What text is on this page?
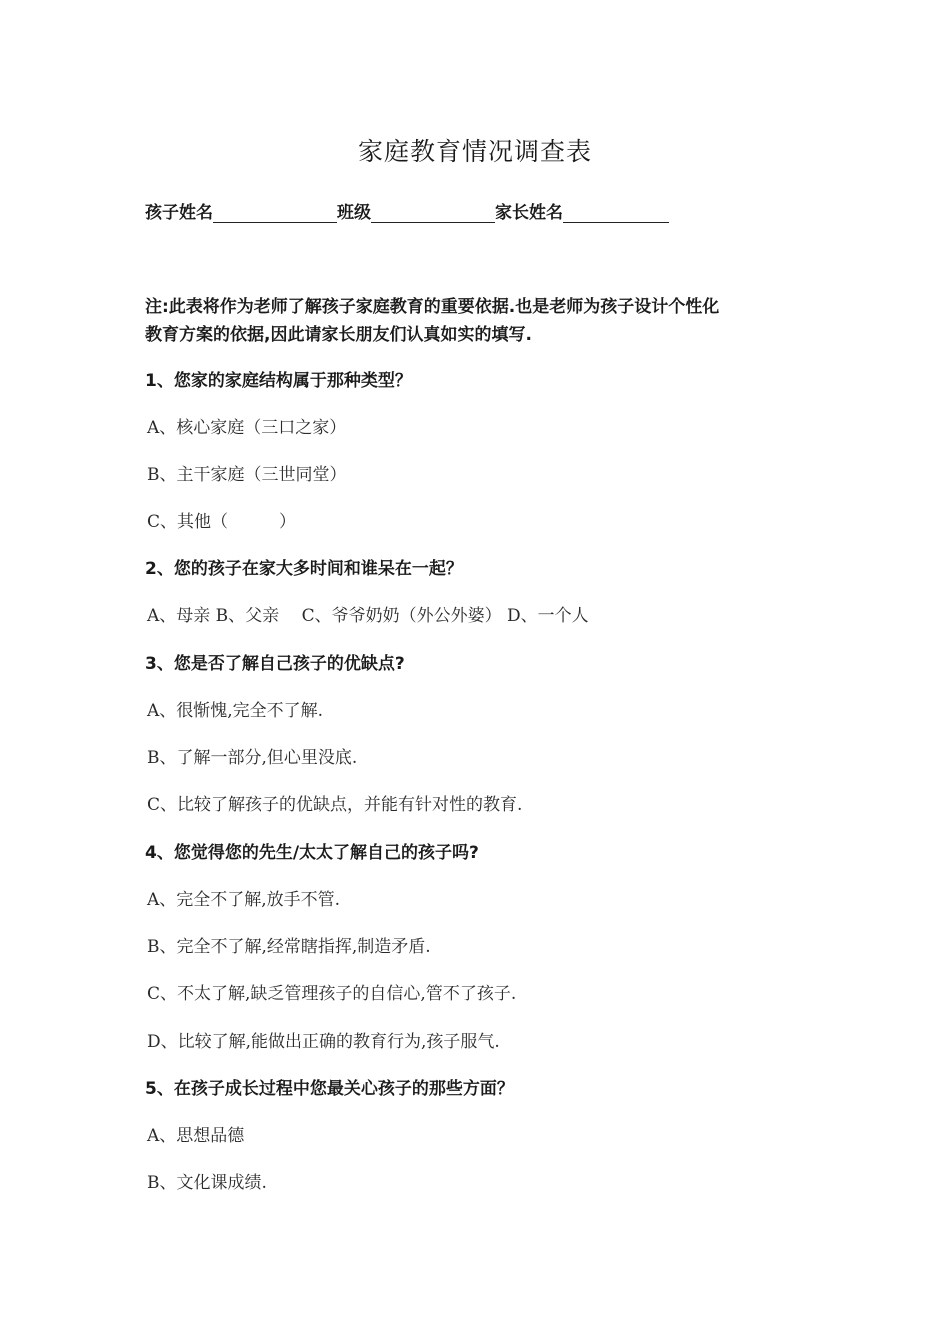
家庭教育情况调查表
孩子姓名	班级	家长姓名
注:此表将作为老师了解孩子家庭教育的重要依据.也是老师为孩子设计个性化
教育方案的依据,因此请家长朋友们认真如实的填写.
1、您家的家庭结构属于那种类型？
A、核心家庭（三口之家）
B、主干家庭（三世同堂）
C、其他（　　　）
2、您的孩子在家大多时间和谁呆在一起？
A、母亲 B、父亲　 C、爷爷奶奶（外公外婆） D、一个人
3、您是否了解自己孩子的优缺点?
A、很惭愧,完全不了解.
B、了解一部分,但心里没底.
C、比较了解孩子的优缺点，并能有针对性的教育.
4、您觉得您的先生/太太了解自己的孩子吗?
A、完全不了解,放手不管.
B、完全不了解,经常瞎指挥,制造矛盾.
C、不太了解,缺乏管理孩子的自信心,管不了孩子.
D、比较了解,能做出正确的教育行为,孩子服气.
5、在孩子成长过程中您最关心孩子的那些方面？
A、思想品德
B、文化课成绩.
